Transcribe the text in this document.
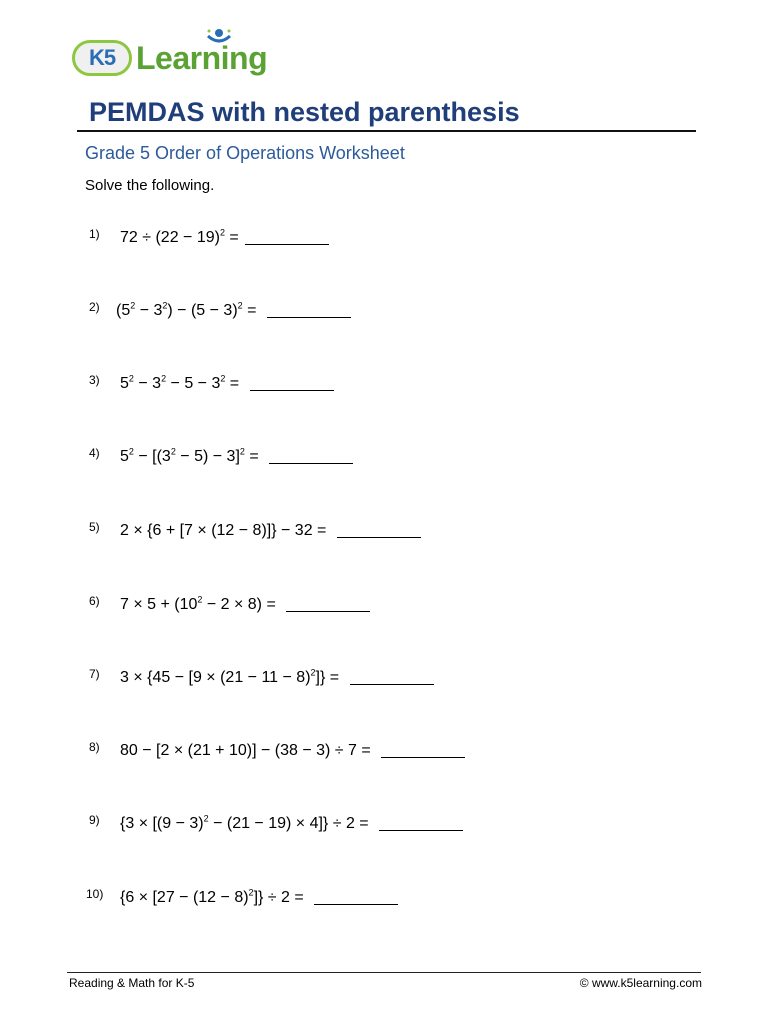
K5 Learning
PEMDAS with nested parenthesis
Grade 5 Order of Operations Worksheet
Solve the following.
1) $72 \div (22 - 19)^2$ =
2) $(5^2 - 3^2) - (5 - 3)^2$ =
3) $5^2 - 3^2 - 5 - 3^2$ =
4) $5^2 - [(3^2 - 5) - 3]^2$ =
5) 2 × {6 + [7 × (12 − 8)]} − 32 =
6) $7 \times 5 + (10^2 - 2 \times 8)$ =
7) $3 \times \{45 - [9 \times (21 - 11 - 8)^2]\}$ =
8) 80 − [2 × (21 + 10)] − (38 − 3) ÷ 7 =
9) $\{3 \times [(9 - 3)^2 - (21 - 19) \times 4]\} \div 2$ =
10) $\{6 \times [27 - (12 - 8)^2]\} \div 2$ =
Reading & Math for K-5	© www.k5learning.com
